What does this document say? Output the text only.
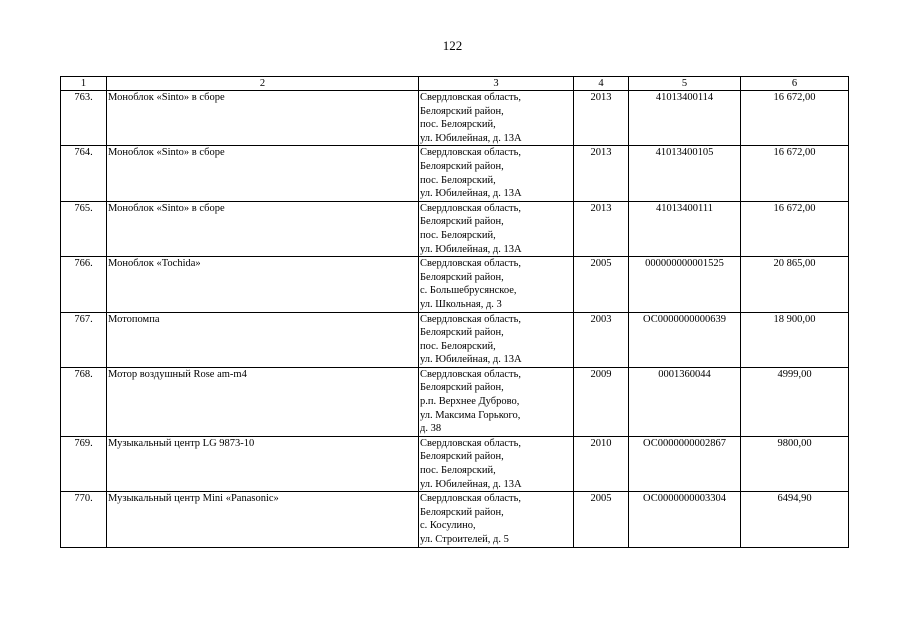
122
1	2	3	4	5	6
763.	Моноблок «Sinto» в сборе	Свердловская область,
Белоярский район,
пос. Белоярский,
ул. Юбилейная, д. 13А	2013	41013400114	16 672,00
764.	Моноблок «Sinto» в сборе	Свердловская область,
Белоярский район,
пос. Белоярский,
ул. Юбилейная, д. 13А	2013	41013400105	16 672,00
765.	Моноблок «Sinto» в сборе	Свердловская область,
Белоярский район,
пос. Белоярский,
ул. Юбилейная, д. 13А	2013	41013400111	16 672,00
766.	Моноблок «Tochida»	Свердловская область,
Белоярский район,
с. Большебрусянское,
ул. Школьная, д. 3	2005	000000000001525	20 865,00
767.	Мотопомпа	Свердловская область,
Белоярский район,
пос. Белоярский,
ул. Юбилейная, д. 13А	2003	ОС0000000000639	18 900,00
768.	Мотор воздушный Rose am-m4	Свердловская область,
Белоярский район,
р.п. Верхнее Дуброво,
ул. Максима Горького,
д. 38	2009	0001360044	4999,00
769.	Музыкальный центр LG 9873-10	Свердловская область,
Белоярский район,
пос. Белоярский,
ул. Юбилейная, д. 13А	2010	ОС0000000002867	9800,00
770.	Музыкальный центр Mini «Panasonic»	Свердловская область,
Белоярский район,
с. Косулино,
ул. Строителей, д. 5	2005	ОС0000000003304	6494,90
